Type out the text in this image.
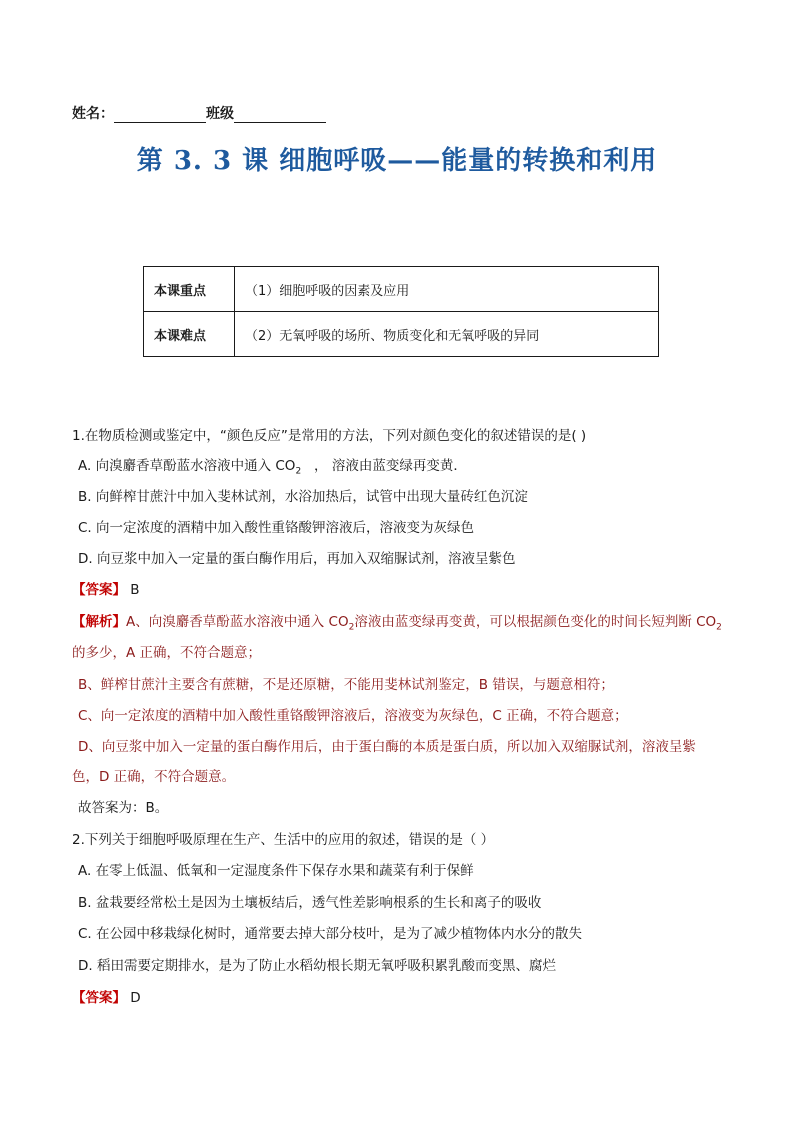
姓名：	班级
第 3. 3 课 细胞呼吸——能量的转换和利用
本课重点	（1）细胞呼吸的因素及应用
本课难点	（2）无氧呼吸的场所、物质变化和无氧呼吸的异同
1.在物质检测或鉴定中，“颜色反应”是常用的方法，下列对颜色变化的叙述错误的是( )
A. 向溴麝香草酚蓝水溶液中通入 $CO_2$ ， 溶液由蓝变绿再变黄．
B. 向鲜榨甘蔗汁中加入斐林试剂，水浴加热后，试管中出现大量砖红色沉淀
C. 向一定浓度的酒精中加入酸性重铬酸钾溶液后，溶液变为灰绿色
D. 向豆浆中加入一定量的蛋白酶作用后，再加入双缩脲试剂，溶液呈紫色
【答案】 B
【解析】A、向溴麝香草酚蓝水溶液中通入 $CO_2$溶液由蓝变绿再变黄，可以根据颜色变化的时间长短判断 $CO_2$
的多少，A 正确，不符合题意；
B、鲜榨甘蔗汁主要含有蔗糖，不是还原糖，不能用斐林试剂鉴定，B 错误，与题意相符；
C、向一定浓度的酒精中加入酸性重铬酸钾溶液后，溶液变为灰绿色，C 正确，不符合题意；
D、向豆浆中加入一定量的蛋白酶作用后，由于蛋白酶的本质是蛋白质，所以加入双缩脲试剂，溶液呈紫
色，D 正确，不符合题意。
故答案为：B。
2.下列关于细胞呼吸原理在生产、生活中的应用的叙述，错误的是（ ）
A. 在零上低温、低氧和一定湿度条件下保存水果和蔬菜有利于保鲜
B. 盆栽要经常松土是因为土壤板结后，透气性差影响根系的生长和离子的吸收
C. 在公园中移栽绿化树时，通常要去掉大部分枝叶，是为了减少植物体内水分的散失
D. 稻田需要定期排水，是为了防止水稻幼根长期无氧呼吸积累乳酸而变黑、腐烂
【答案】 D
